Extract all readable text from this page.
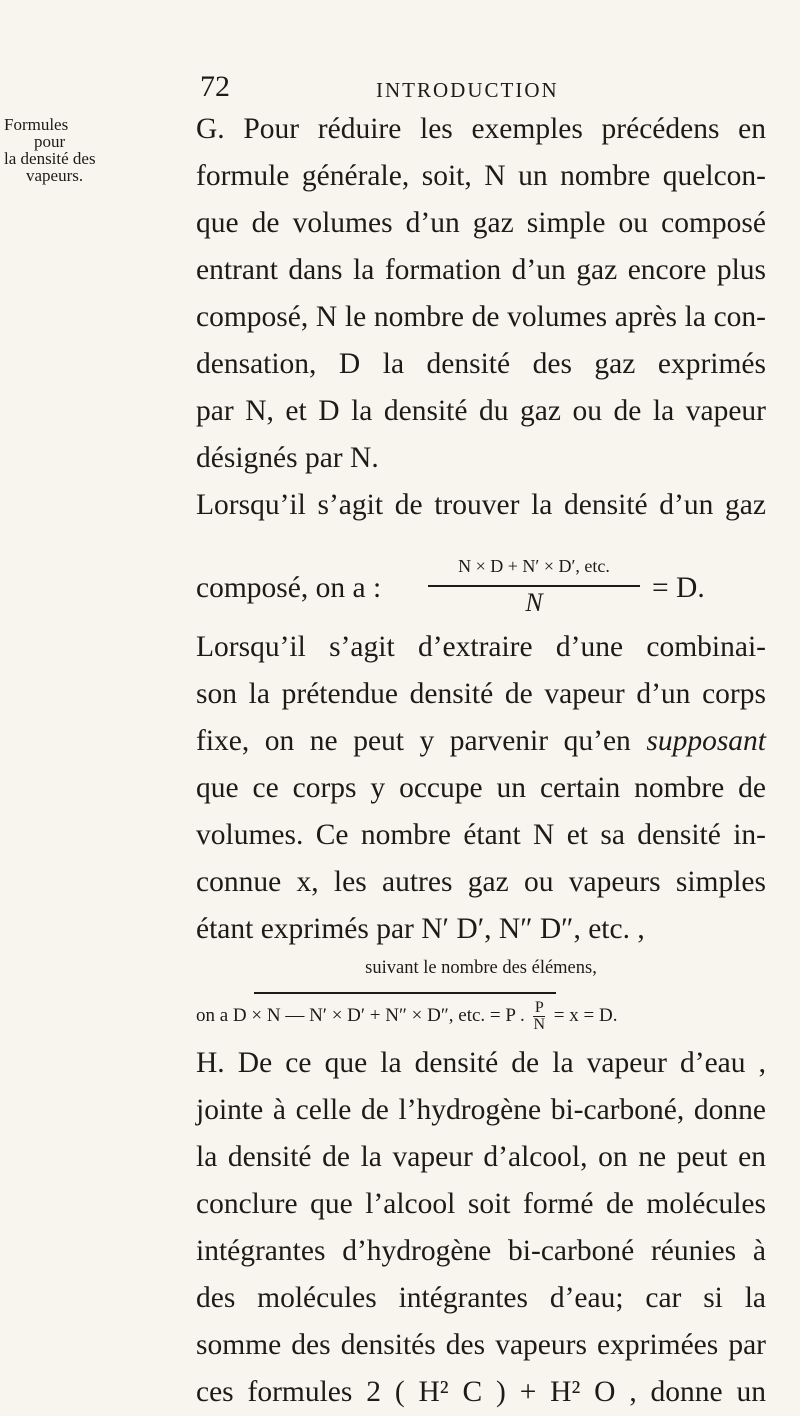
72	INTRODUCTION
Formules
pour
la densité des
vapeurs.
G. Pour réduire les exemples précédens en
formule générale, soit, N un nombre quelcon-
que de volumes d’un gaz simple ou composé
entrant dans la formation d’un gaz encore plus
composé, N le nombre de volumes après la con-
densation, D la densité des gaz exprimés
par N, et D la densité du gaz ou de la vapeur
désignés par N.
Lorsqu’il s’agit de trouver la densité d’un gaz
composé, on a :
N × D + N′ × D′, etc.
N	= D.
Lorsqu’il s’agit d’extraire d’une combinai-
son la prétendue densité de vapeur d’un corps
fixe, on ne peut y parvenir qu’en supposant
que ce corps y occupe un certain nombre de
volumes. Ce nombre étant N et sa densité in-
connue x, les autres gaz ou vapeurs simples
étant exprimés par N′ D′, N″ D″, etc. ,
suivant le nombre des élémens,
on a D × N — N′ × D′ + N″ × D″, etc. = P . $\frac{P}{N} = x = D$.
H. De ce que la densité de la vapeur d’eau ,
jointe à celle de l’hydrogène bi-carboné, donne
la densité de la vapeur d’alcool, on ne peut en
conclure que l’alcool soit formé de molécules
intégrantes d’hydrogène bi-carboné réunies à
des molécules intégrantes d’eau; car si la
somme des densités des vapeurs exprimées par
ces formules 2 ( H² C ) + H² O , donne un
